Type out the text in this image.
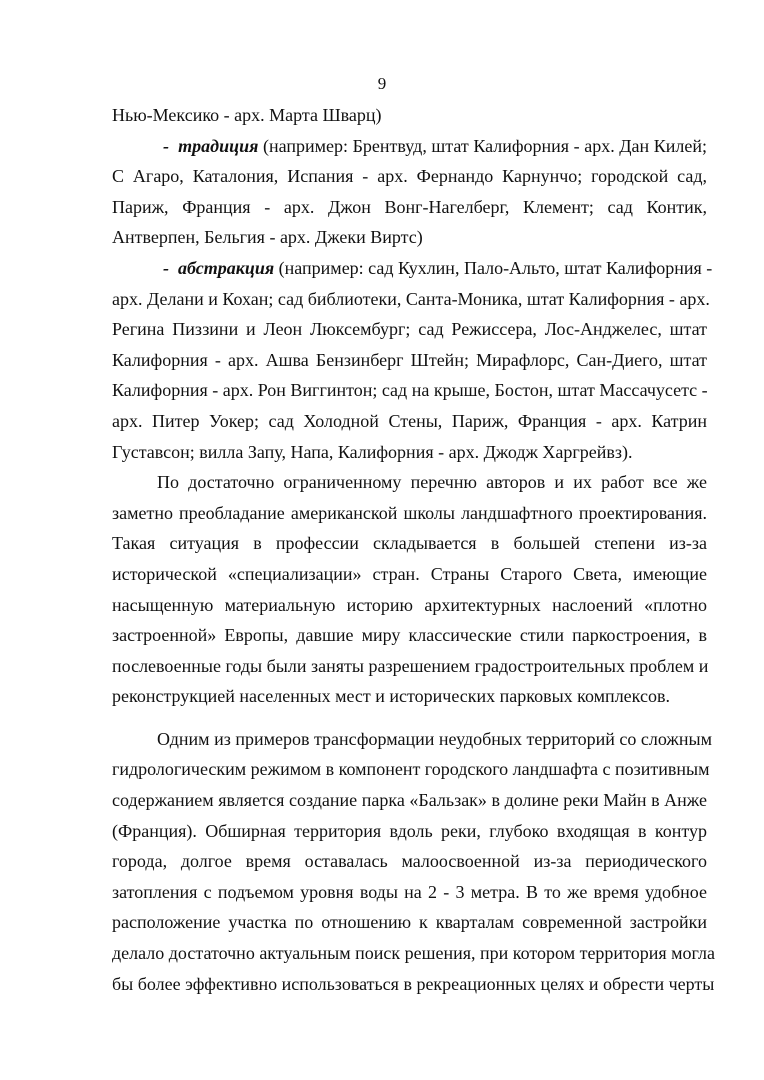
9
Нью-Мексико - арх. Марта Шварц)
- традиция (например: Брентвуд, штат Калифорния - арх. Дан Килей;
С Агаро, Каталония, Испания - арх. Фернандо Карнунчо; городской сад,
Париж, Франция - арх. Джон Вонг-Нагелберг, Клемент; сад Контик,
Антверпен, Бельгия - арх. Джеки Виртс)
- абстракция (например: сад Кухлин, Пало-Альто, штат Калифорния -
арх. Делани и Кохан; сад библиотеки, Санта-Моника, штат Калифорния - арх.
Регина Пиззини и Леон Люксембург; сад Режиссера, Лос-Анджелес, штат
Калифорния - арх. Ашва Бензинберг Штейн; Мирафлорс, Сан-Диего, штат
Калифорния - арх. Рон Виггинтон; сад на крыше, Бостон, штат Массачусетс -
арх. Питер Уокер; сад Холодной Стены, Париж, Франция - арх. Катрин
Густавсон; вилла Запу, Напа, Калифорния - арх. Джодж Харгрейвз).
По достаточно ограниченному перечню авторов и их работ все же
заметно преобладание американской школы ландшафтного проектирования.
Такая ситуация в профессии складывается в большей степени из-за
исторической «специализации» стран. Страны Старого Света, имеющие
насыщенную материальную историю архитектурных наслоений «плотно
застроенной» Европы, давшие миру классические стили паркостроения, в
послевоенные годы были заняты разрешением градостроительных проблем и
реконструкцией населенных мест и исторических парковых комплексов.
Одним из примеров трансформации неудобных территорий со сложным
гидрологическим режимом в компонент городского ландшафта с позитивным
содержанием является создание парка «Бальзак» в долине реки Майн в Анже
(Франция). Обширная территория вдоль реки, глубоко входящая в контур
города, долгое время оставалась малоосвоенной из-за периодического
затопления с подъемом уровня воды на 2 - 3 метра. В то же время удобное
расположение участка по отношению к кварталам современной застройки
делало достаточно актуальным поиск решения, при котором территория могла
бы более эффективно использоваться в рекреационных целях и обрести черты
